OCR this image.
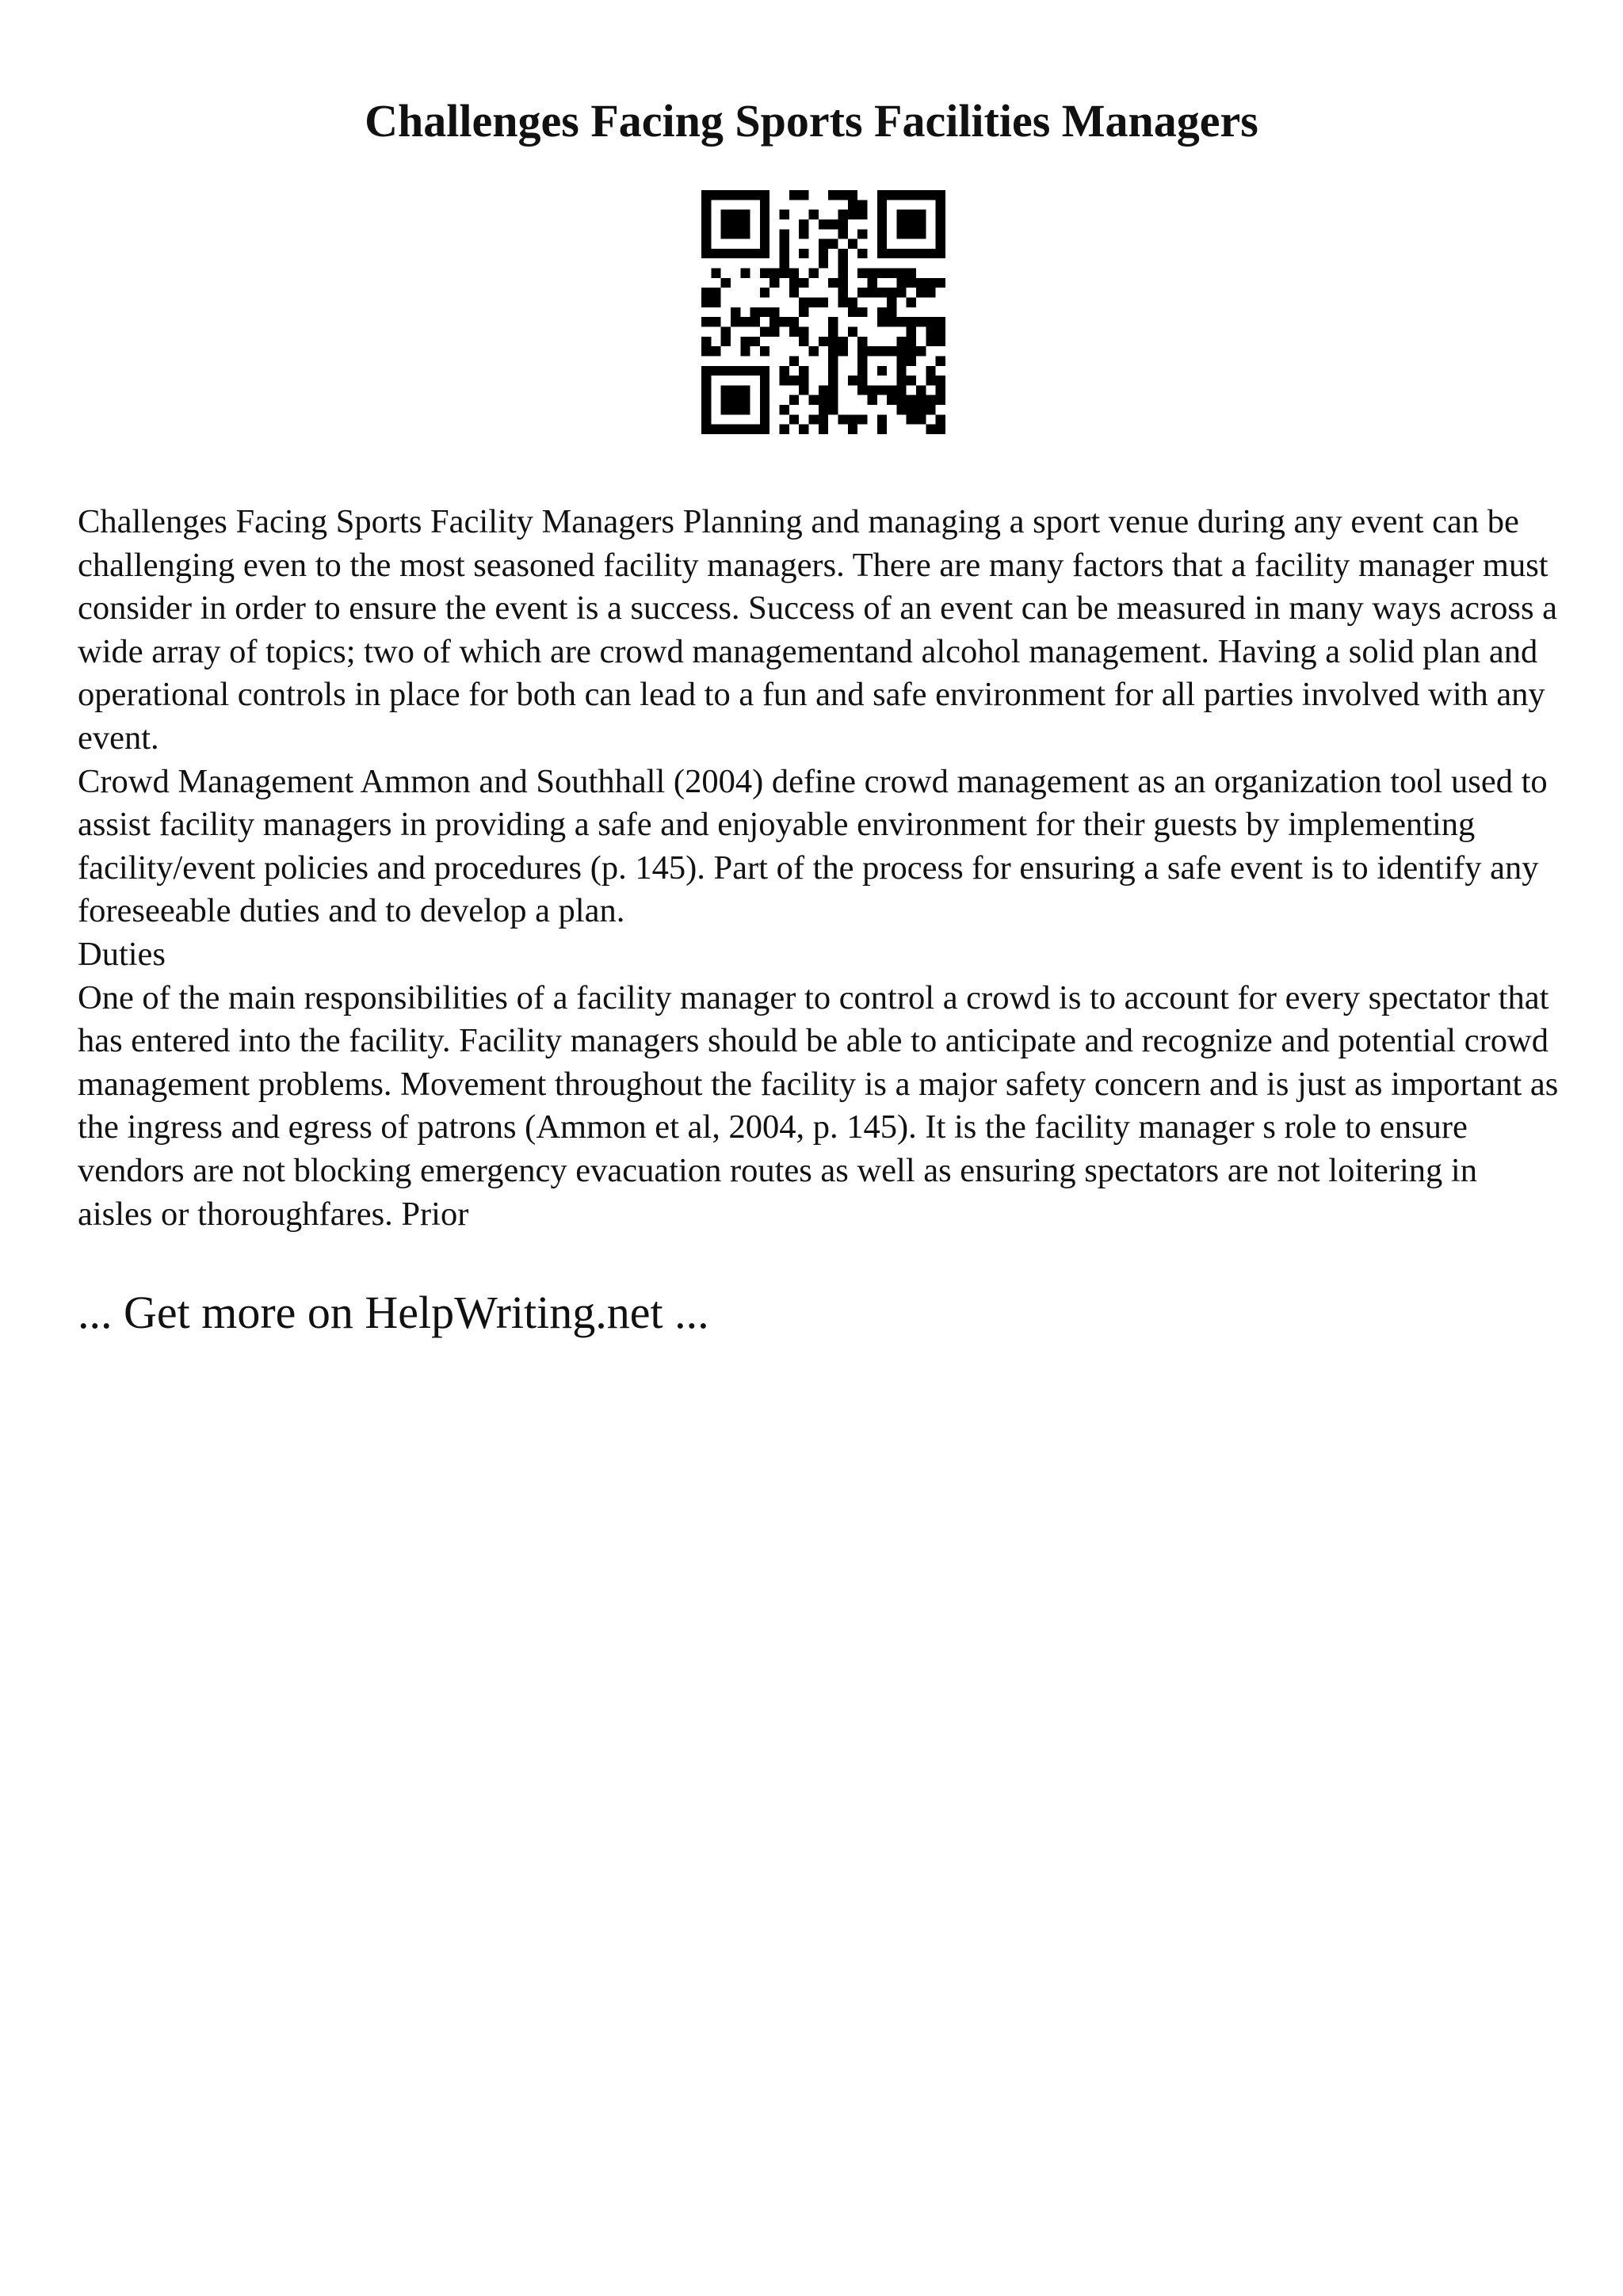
Challenges Facing Sports Facilities Managers

Challenges Facing Sports Facility Managers Planning and managing a sport venue during any event can be challenging even to the most seasoned facility managers. There are many factors that a facility manager must consider in order to ensure the event is a success. Success of an event can be measured in many ways across a wide array of topics; two of which are crowd managementand alcohol management. Having a solid plan and operational controls in place for both can lead to a fun and safe environment for all parties involved with any event.

Crowd Management Ammon and Southhall (2004) define crowd management as an organization tool used to assist facility managers in providing a safe and enjoyable environment for their guests by implementing facility/event policies and procedures (p. 145). Part of the process for ensuring a safe event is to identify any foreseeable duties and to develop a plan.

Duties

One of the main responsibilities of a facility manager to control a crowd is to account for every spectator that has entered into the facility. Facility managers should be able to anticipate and recognize and potential crowd management problems. Movement throughout the facility is a major safety concern and is just as important as the ingress and egress of patrons (Ammon et al, 2004, p. 145). It is the facility manager s role to ensure vendors are not blocking emergency evacuation routes as well as ensuring spectators are not loitering in aisles or thoroughfares. Prior

... Get more on HelpWriting.net ...
